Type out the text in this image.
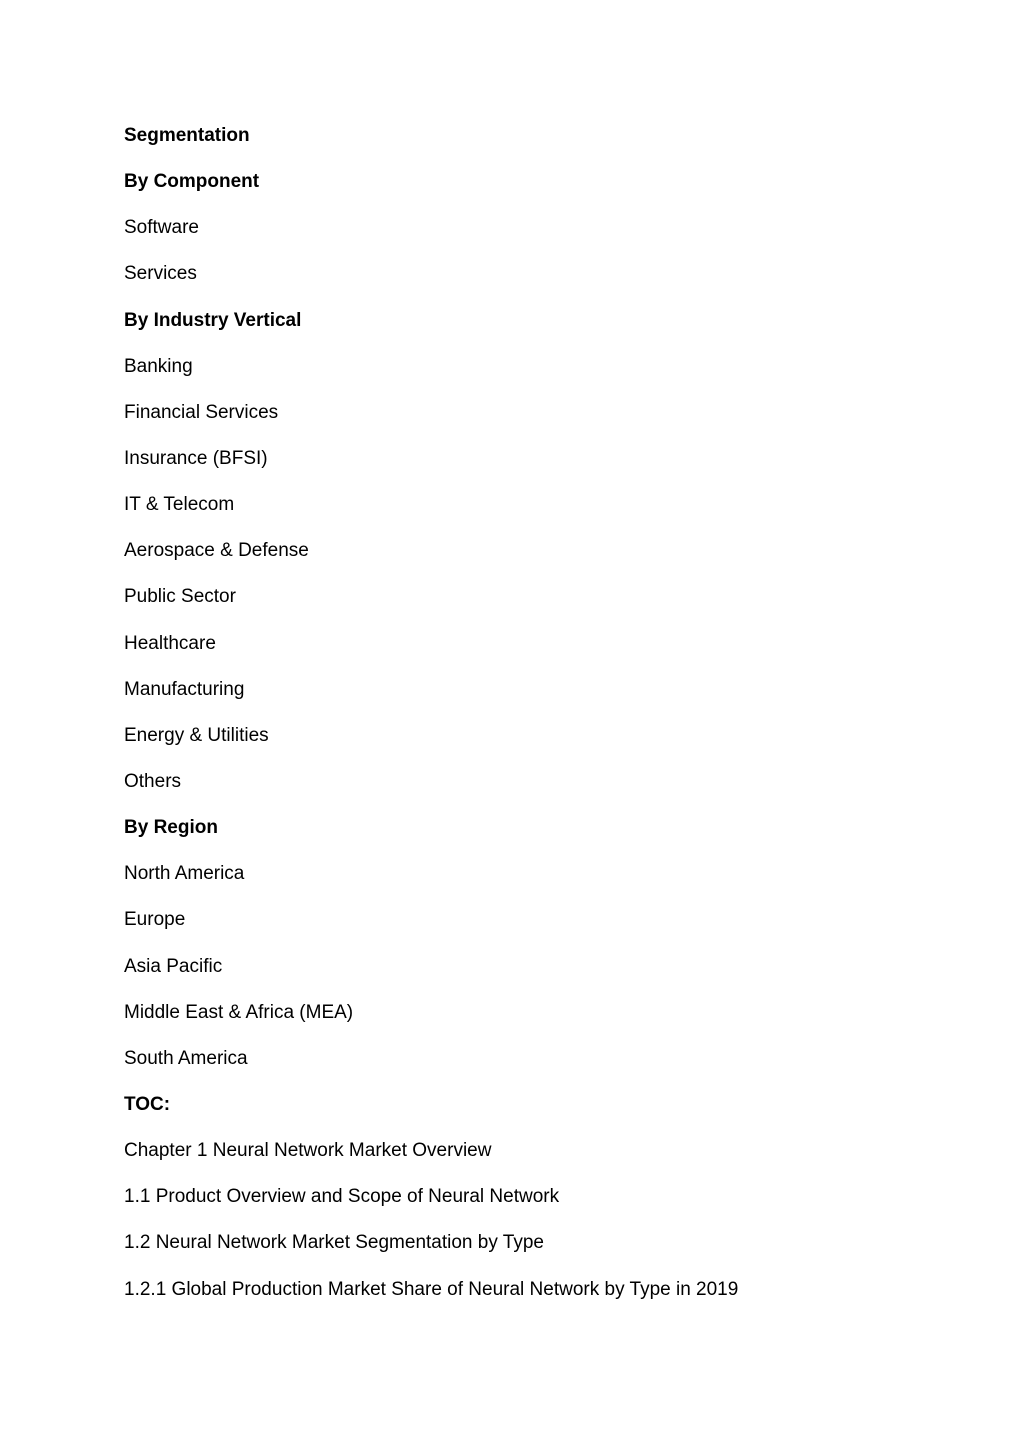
Segmentation
By Component
Software
Services
By Industry Vertical
Banking
Financial Services
Insurance (BFSI)
IT & Telecom
Aerospace & Defense
Public Sector
Healthcare
Manufacturing
Energy & Utilities
Others
By Region
North America
Europe
Asia Pacific
Middle East & Africa (MEA)
South America
TOC:
Chapter 1 Neural Network Market Overview
1.1 Product Overview and Scope of Neural Network
1.2 Neural Network Market Segmentation by Type
1.2.1 Global Production Market Share of Neural Network by Type in 2019
